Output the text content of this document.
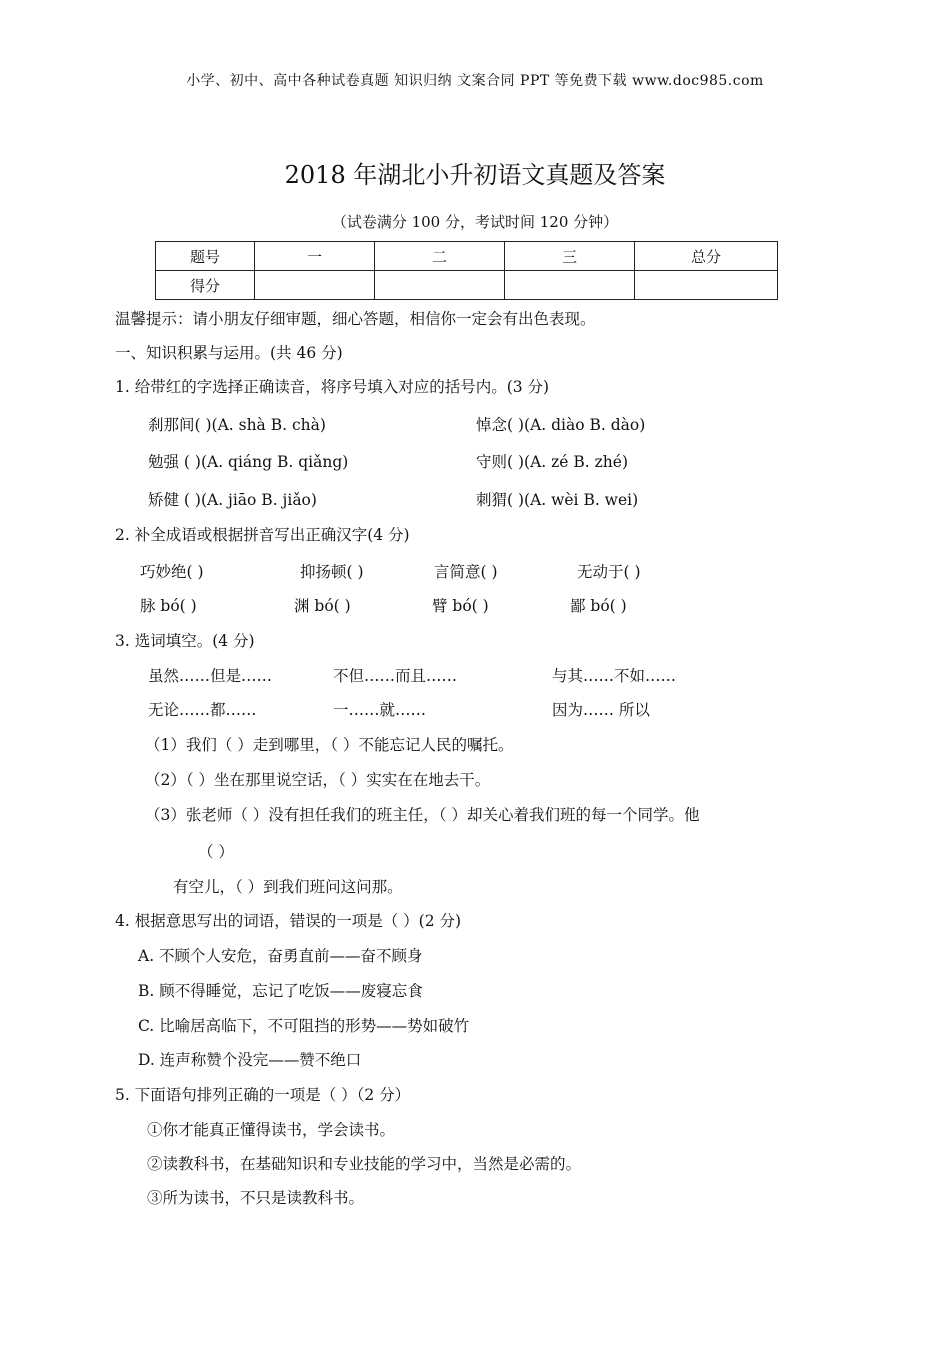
小学、初中、高中各种试卷真题 知识归纳 文案合同 PPT 等免费下载 www.doc985.com
2018 年湖北小升初语文真题及答案
（试卷满分 100 分，考试时间 120 分钟）
题号	一	二	三	总分
得分				
温馨提示：请小朋友仔细审题，细心答题，相信你一定会有出色表现。
一、知识积累与运用。(共 46 分)
1. 给带红的字选择正确读音，将序号填入对应的括号内。(3 分)
刹那间( )(A. shà B. chà)	悼念( )(A. diào B. dào)
勉强 ( )(A. qiáng B. qiǎng)	守则( )(A. zé B. zhé)
矫健 ( )(A. jiāo B. jiǎo)	刺猬( )(A. wèi B. wei)
2. 补全成语或根据拼音写出正确汉字(4 分)
巧妙绝( )	抑扬顿( )	言简意( )	无动于( )
脉 bó( )	渊 bó( )	臂 bó( )	鄙 bó( )
3. 选词填空。(4 分)
虽然……但是……	不但……而且……	与其……不如……
无论……都……	一……就……	因为…… 所以
（1）我们（ ）走到哪里，（ ）不能忘记人民的嘱托。
（2）（ ）坐在那里说空话，（ ）实实在在地去干。
（3）张老师（ ）没有担任我们的班主任，（ ）却关心着我们班的每一个同学。他
（ ）
有空儿，（ ）到我们班问这问那。
4. 根据意思写出的词语，错误的一项是（ ）(2 分)
A. 不顾个人安危，奋勇直前——奋不顾身
B. 顾不得睡觉，忘记了吃饭——废寝忘食
C. 比喻居高临下，不可阻挡的形势——势如破竹
D. 连声称赞个没完——赞不绝口
5. 下面语句排列正确的一项是（ ）（2 分）
①你才能真正懂得读书，学会读书。
②读教科书，在基础知识和专业技能的学习中，当然是必需的。
③所为读书，不只是读教科书。
